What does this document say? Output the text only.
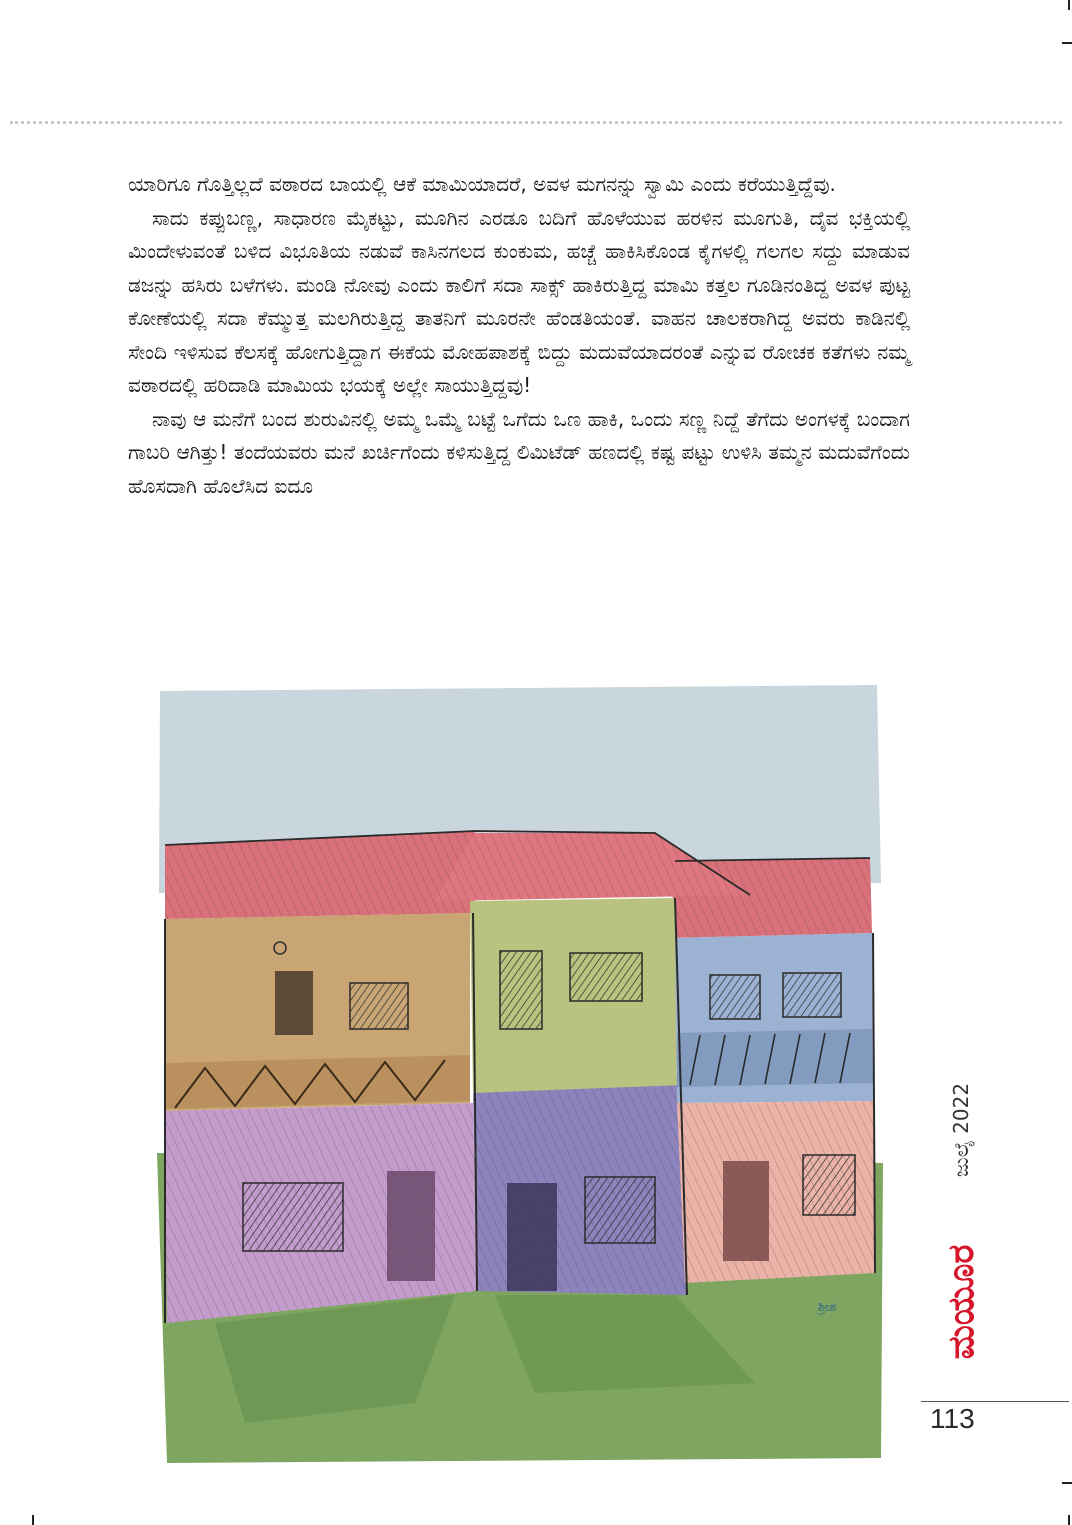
ಯಾರಿಗೂ ಗೊತ್ತಿಲ್ಲದೆ ವಠಾರದ ಬಾಯಲ್ಲಿ ಆಕೆ ಮಾಮಿಯಾದರೆ, ಅವಳ ಮಗನನ್ನು ಸ್ವಾಮಿ ಎಂದು ಕರೆಯುತ್ತಿದ್ದೆವು.

ಸಾದು ಕಪ್ಪುಬಣ್ಣ, ಸಾಧಾರಣ ಮೈಕಟ್ಟು, ಮೂಗಿನ ಎರಡೂ ಬದಿಗೆ ಹೊಳೆಯುವ ಹರಳಿನ ಮೂಗುತಿ, ದೈವ ಭಕ್ತಿಯಲ್ಲಿ ಮಿಂದೇಳುವಂತೆ ಬಳಿದ ವಿಭೂತಿಯ ನಡುವೆ ಕಾಸಿನಗಲದ ಕುಂಕುಮ, ಹಚ್ಚೆ ಹಾಕಿಸಿಕೊಂಡ ಕೈಗಳಲ್ಲಿ ಗಲಗಲ ಸದ್ದು ಮಾಡುವ ಡಜನ್ನು ಹಸಿರು ಬಳೆಗಳು. ಮಂಡಿ ನೋವು ಎಂದು ಕಾಲಿಗೆ ಸದಾ ಸಾಕ್ಸ್ ಹಾಕಿರುತ್ತಿದ್ದ ಮಾಮಿ ಕತ್ತಲ ಗೂಡಿನಂತಿದ್ದ ಅವಳ ಪುಟ್ಟ ಕೋಣೆಯಲ್ಲಿ ಸದಾ ಕೆಮ್ಮುತ್ತ ಮಲಗಿರುತ್ತಿದ್ದ ತಾತನಿಗೆ ಮೂರನೇ ಹೆಂಡತಿಯಂತೆ. ವಾಹನ ಚಾಲಕರಾಗಿದ್ದ ಅವರು ಕಾಡಿನಲ್ಲಿ ಸೇಂದಿ ಇಳಿಸುವ ಕೆಲಸಕ್ಕೆ ಹೋಗುತ್ತಿದ್ದಾಗ ಈಕೆಯ ಮೋಹಪಾಶಕ್ಕೆ ಬಿದ್ದು ಮದುವೆಯಾದರಂತೆ ಎನ್ನುವ ರೋಚಕ ಕತೆಗಳು ನಮ್ಮ ವಠಾರದಲ್ಲಿ ಹರಿದಾಡಿ ಮಾಮಿಯ ಭಯಕ್ಕೆ ಅಲ್ಲೇ ಸಾಯುತ್ತಿದ್ದವು!

ನಾವು ಆ ಮನೆಗೆ ಬಂದ ಶುರುವಿನಲ್ಲಿ ಅಮ್ಮ ಒಮ್ಮೆ ಬಟ್ಟೆ ಒಗೆದು ಒಣ ಹಾಕಿ, ಒಂದು ಸಣ್ಣ ನಿದ್ದೆ ತೆಗೆದು ಅಂಗಳಕ್ಕೆ ಬಂದಾಗ ಗಾಬರಿ ಆಗಿತ್ತು! ತಂದೆಯವರು ಮನೆ ಖರ್ಚಿಗೆಂದು ಕಳಿಸುತ್ತಿದ್ದ ಲಿಮಿಟೆಡ್ ಹಣದಲ್ಲಿ ಕಷ್ಟ ಪಟ್ಟು ಉಳಿಸಿ ತಮ್ಮನ ಮದುವೆಗೆಂದು ಹೊಸದಾಗಿ ಹೊಲೆಸಿದ ಐದೂ

ಶ್ರೀಶ
ಜುಲೈ 2022
ಮಯೂರ
113
